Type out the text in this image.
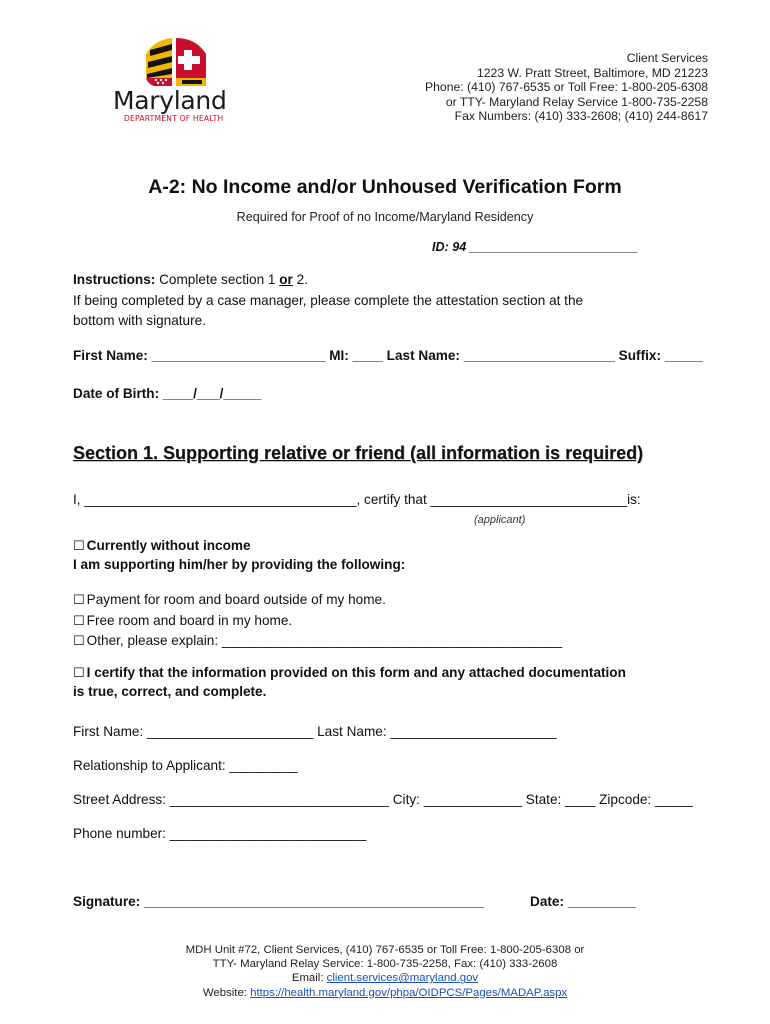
Maryland
DEPARTMENT OF HEALTH
Client Services
1223 W. Pratt Street, Baltimore, MD 21223
Phone: (410) 767-6535 or Toll Free: 1-800-205-6308
or TTY- Maryland Relay Service 1-800-735-2258
Fax Numbers: (410) 333-2608; (410) 244-8617
A-2: No Income and/or Unhoused Verification Form
Required for Proof of no Income/Maryland Residency
ID: 94 ________________________
Instructions: Complete section 1 or 2.
If being completed by a case manager, please complete the attestation section at the
bottom with signature.
First Name: _______________________ MI: ____ Last Name: ____________________ Suffix: _____
Date of Birth: ____/___/_____
Section 1. Supporting relative or friend (all information is required)
I, ____________________________________, certify that __________________________is:
(applicant)
☐ Currently without income
I am supporting him/her by providing the following:
☐ Payment for room and board outside of my home.
☐ Free room and board in my home.
☐ Other, please explain: _____________________________________________
☐ I certify that the information provided on this form and any attached documentation
is true, correct, and complete.
First Name: ______________________ Last Name: ______________________
Relationship to Applicant: _________
Street Address: _____________________________ City: _____________ State: ____ Zipcode: _____
Phone number: __________________________
Signature: _____________________________________________	Date: _________
MDH Unit #72, Client Services, (410) 767-6535 or Toll Free: 1-800-205-6308 or
TTY- Maryland Relay Service: 1-800-735-2258, Fax: (410) 333-2608
Email: client.services@maryland.gov
Website: https://health.maryland.gov/phpa/OIDPCS/Pages/MADAP.aspx
